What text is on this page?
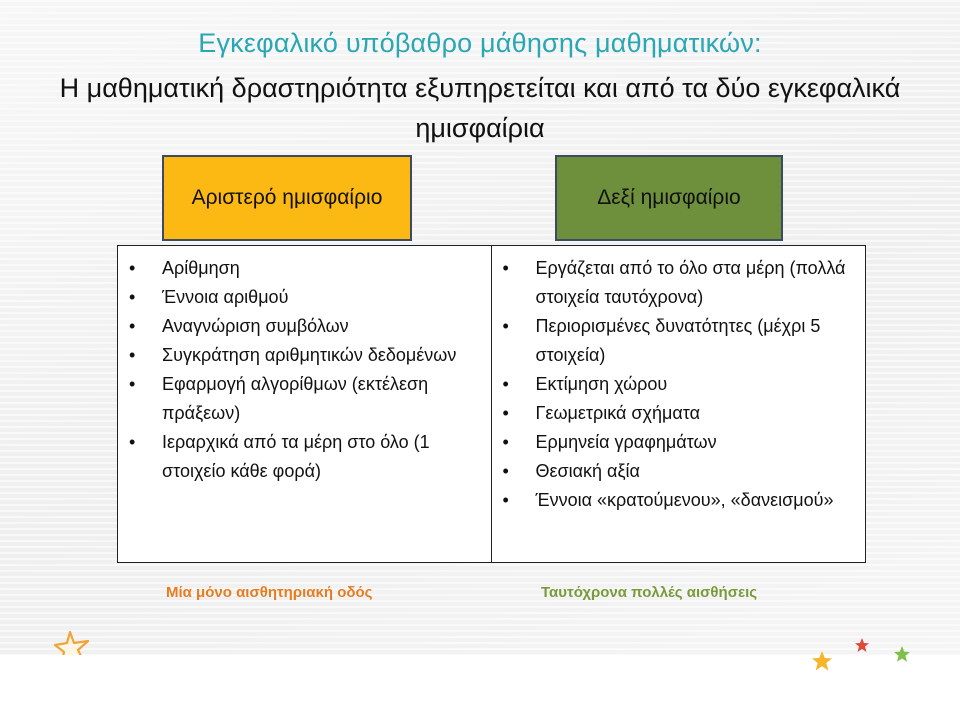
Εγκεφαλικό υπόβαθρο μάθησης μαθηματικών:
Η μαθηματική δραστηριότητα εξυπηρετείται και από τα δύο εγκεφαλικά ημισφαίρια
Αριστερό ημισφαίριο	Δεξί ημισφαίριο
• Αρίθμηση
• Έννοια αριθμού
• Αναγνώριση συμβόλων
• Συγκράτηση αριθμητικών δεδομένων
• Εφαρμογή αλγορίθμων (εκτέλεση πράξεων)
• Ιεραρχικά από τα μέρη στο όλο (1 στοιχείο κάθε φορά)
• Εργάζεται από το όλο στα μέρη (πολλά στοιχεία ταυτόχρονα)
• Περιορισμένες δυνατότητες (μέχρι 5 στοιχεία)
• Εκτίμηση χώρου
• Γεωμετρικά σχήματα
• Ερμηνεία γραφημάτων
• Θεσιακή αξία
• Έννοια «κρατούμενου», «δανεισμού»
Μία μόνο αισθητηριακή οδός	Ταυτόχρονα πολλές αισθήσεις
